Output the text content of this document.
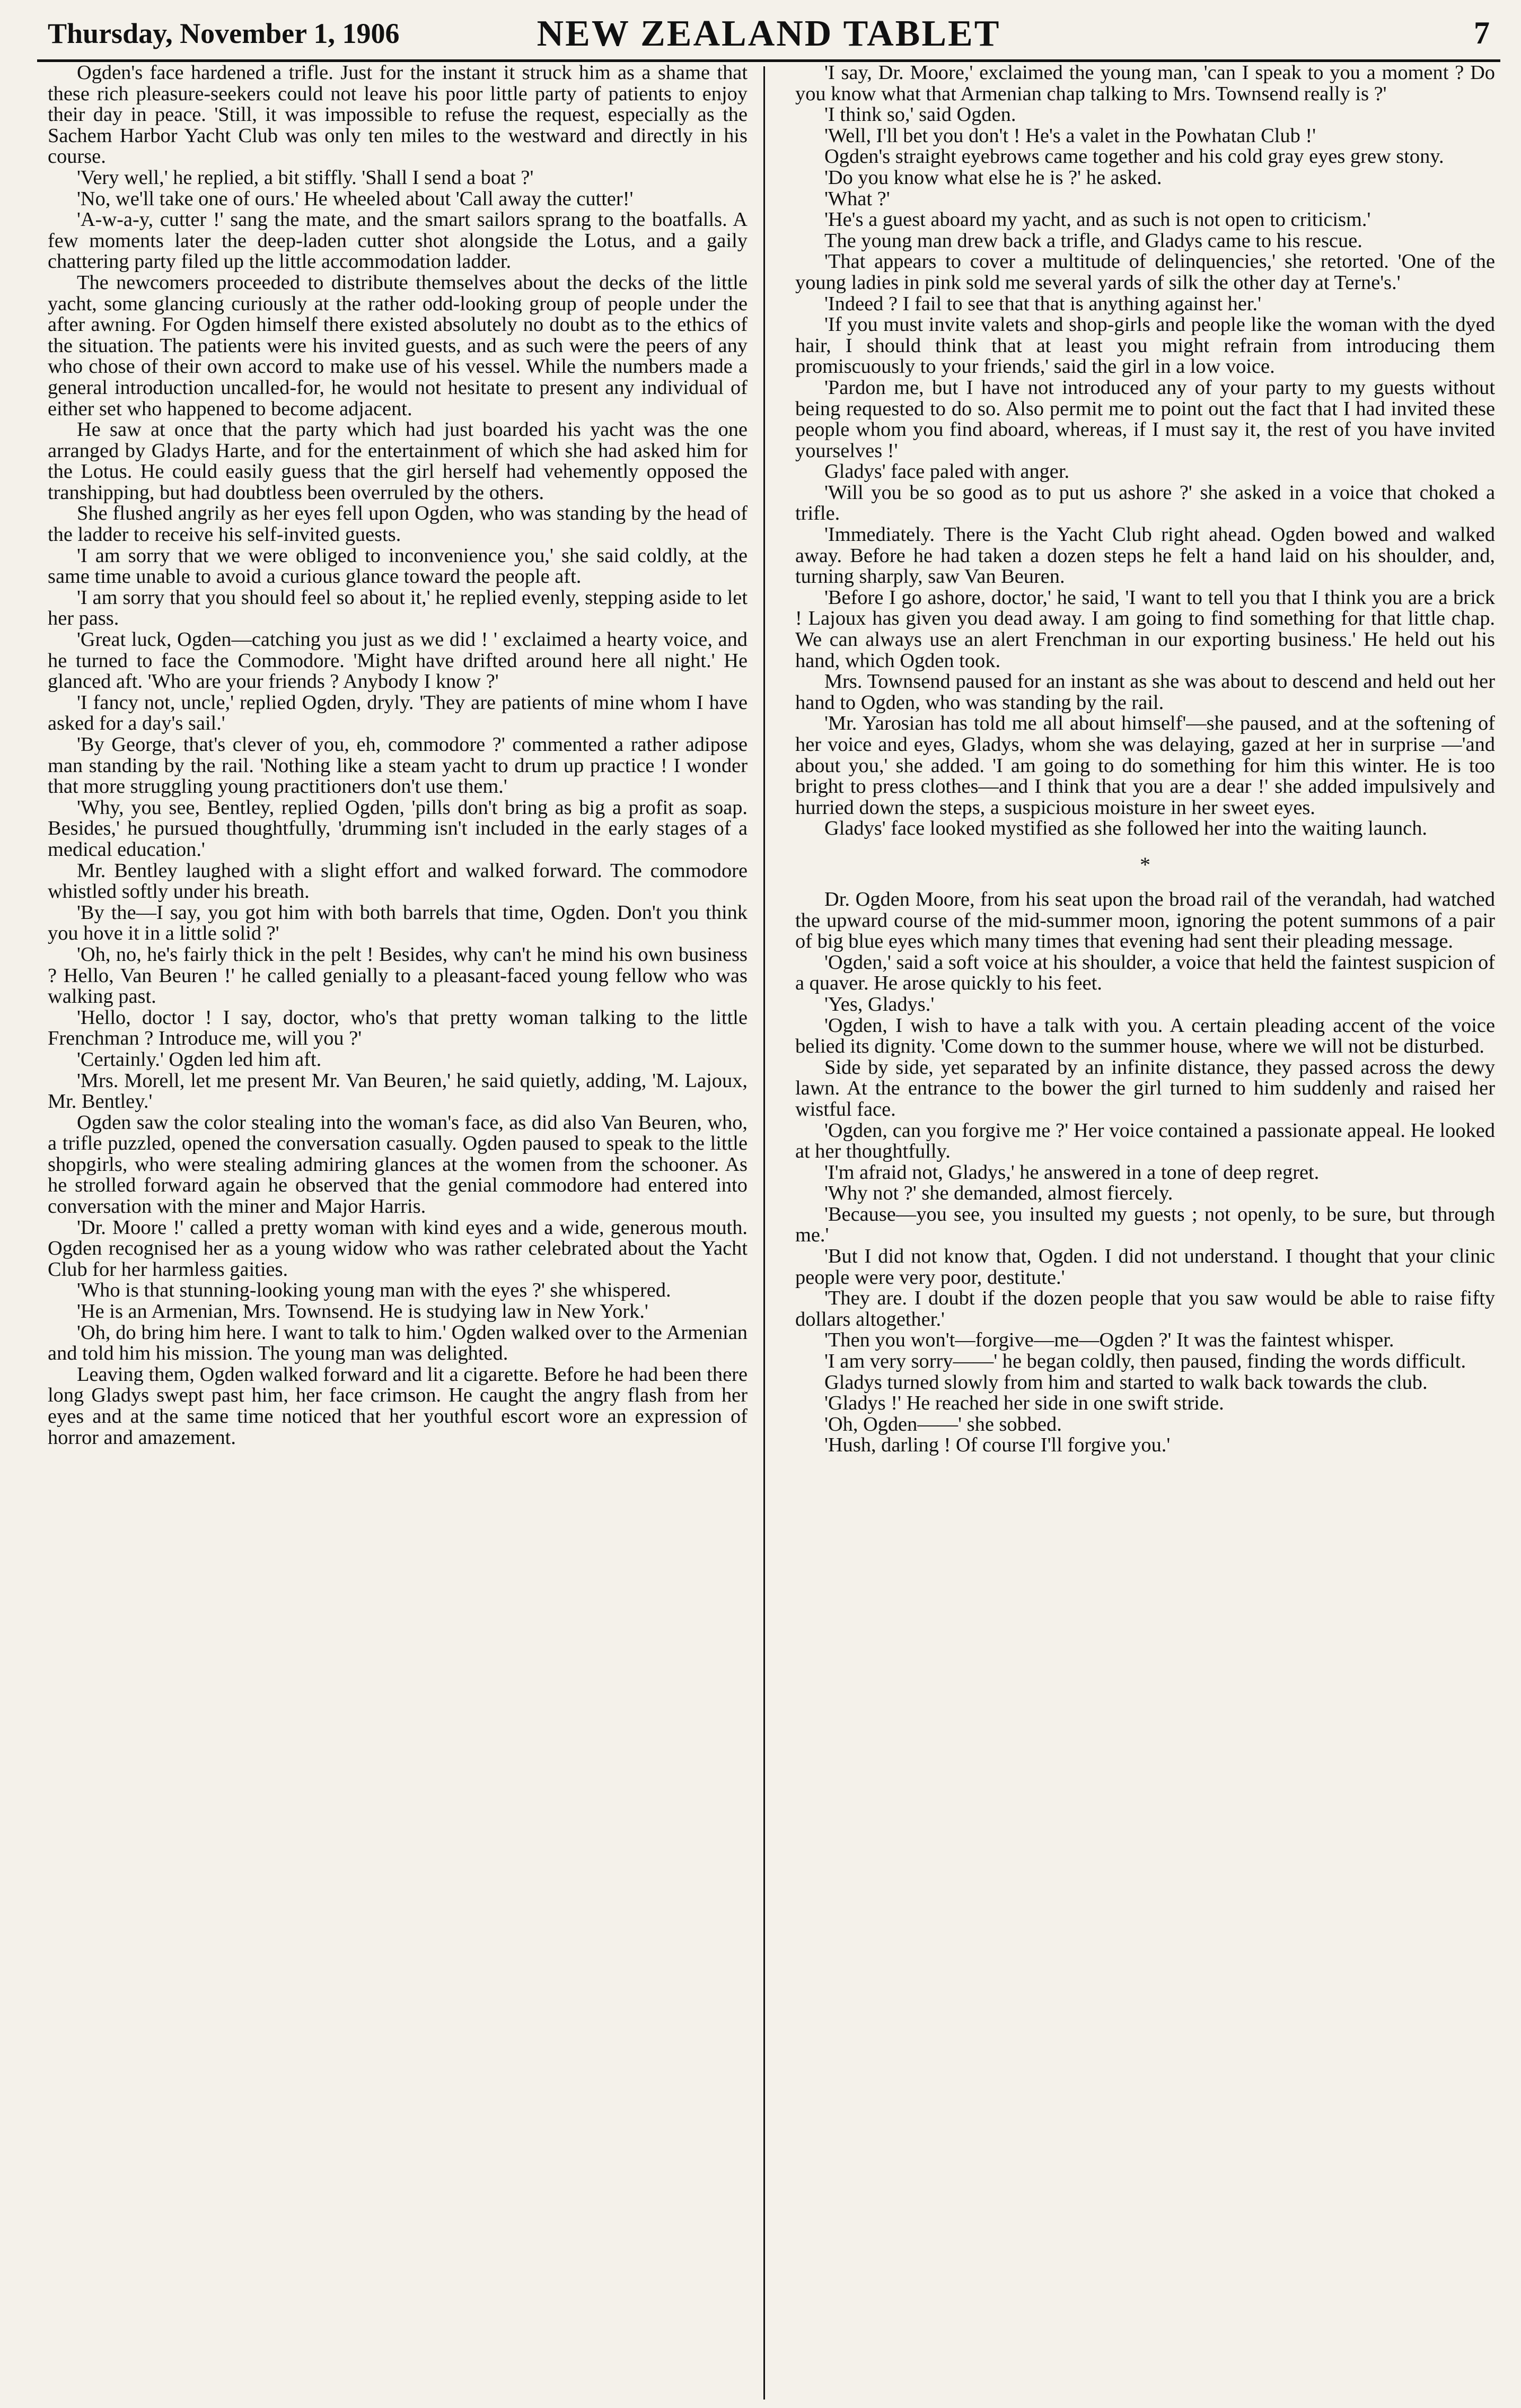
Thursday, November 1, 1906	NEW ZEALAND TABLET	7

Ogden's face hardened a trifle. Just for the instant it struck him as a shame that these rich pleasure-seekers could not leave his poor little party of patients to enjoy their day in peace. 'Still, it was impossible to refuse the request, especially as the Sachem Harbor Yacht Club was only ten miles to the westward and directly in his course.

'Very well,' he replied, a bit stiffly. 'Shall I send a boat ?'

'No, we'll take one of ours.' He wheeled about 'Call away the cutter!'

'A-w-a-y, cutter !' sang the mate, and the smart sailors sprang to the boatfalls. A few moments later the deep-laden cutter shot alongside the Lotus, and a gaily chattering party filed up the little accommodation ladder.

The newcomers proceeded to distribute themselves about the decks of the little yacht, some glancing curiously at the rather odd-looking group of people under the after awning. For Ogden himself there existed absolutely no doubt as to the ethics of the situation. The patients were his invited guests, and as such were the peers of any who chose of their own accord to make use of his vessel. While the numbers made a general introduction uncalled-for, he would not hesitate to present any individual of either set who happened to become adjacent.

He saw at once that the party which had just boarded his yacht was the one arranged by Gladys Harte, and for the entertainment of which she had asked him for the Lotus. He could easily guess that the girl herself had vehemently opposed the transhipping, but had doubtless been overruled by the others.

She flushed angrily as her eyes fell upon Ogden, who was standing by the head of the ladder to receive his self-invited guests.

'I am sorry that we were obliged to inconvenience you,' she said coldly, at the same time unable to avoid a curious glance toward the people aft.

'I am sorry that you should feel so about it,' he replied evenly, stepping aside to let her pass.

'Great luck, Ogden—catching you just as we did ! ' exclaimed a hearty voice, and he turned to face the Commodore. 'Might have drifted around here all night.' He glanced aft. 'Who are your friends ? Anybody I know ?'

'I fancy not, uncle,' replied Ogden, dryly. 'They are patients of mine whom I have asked for a day's sail.'

'By George, that's clever of you, eh, commodore ?' commented a rather adipose man standing by the rail. 'Nothing like a steam yacht to drum up practice ! I wonder that more struggling young practitioners don't use them.'

'Why, you see, Bentley, replied Ogden, 'pills don't bring as big a profit as soap. Besides,' he pursued thoughtfully, 'drumming isn't included in the early stages of a medical education.'

Mr. Bentley laughed with a slight effort and walked forward. The commodore whistled softly under his breath.

'By the—I say, you got him with both barrels that time, Ogden. Don't you think you hove it in a little solid ?'

'Oh, no, he's fairly thick in the pelt ! Besides, why can't he mind his own business ? Hello, Van Beuren !' he called genially to a pleasant-faced young fellow who was walking past.

'Hello, doctor ! I say, doctor, who's that pretty woman talking to the little Frenchman ? Introduce me, will you ?'

'Certainly.' Ogden led him aft.

'Mrs. Morell, let me present Mr. Van Beuren,' he said quietly, adding, 'M. Lajoux, Mr. Bentley.'

Ogden saw the color stealing into the woman's face, as did also Van Beuren, who, a trifle puzzled, opened the conversation casually. Ogden paused to speak to the little shopgirls, who were stealing admiring glances at the women from the schooner. As he strolled forward again he observed that the genial commodore had entered into conversation with the miner and Major Harris.

'Dr. Moore !' called a pretty woman with kind eyes and a wide, generous mouth. Ogden recognised her as a young widow who was rather celebrated about the Yacht Club for her harmless gaities.

'Who is that stunning-looking young man with the eyes ?' she whispered.

'He is an Armenian, Mrs. Townsend. He is studying law in New York.'

'Oh, do bring him here. I want to talk to him.' Ogden walked over to the Armenian and told him his mission. The young man was delighted.

Leaving them, Ogden walked forward and lit a cigarette. Before he had been there long Gladys swept past him, her face crimson. He caught the angry flash from her eyes and at the same time noticed that her youthful escort wore an expression of horror and amazement.

'I say, Dr. Moore,' exclaimed the young man, 'can I speak to you a moment ? Do you know what that Armenian chap talking to Mrs. Townsend really is ?'

'I think so,' said Ogden.

'Well, I'll bet you don't ! He's a valet in the Powhatan Club !'

Ogden's straight eyebrows came together and his cold gray eyes grew stony.

'Do you know what else he is ?' he asked.

'What ?'

'He's a guest aboard my yacht, and as such is not open to criticism.'

The young man drew back a trifle, and Gladys came to his rescue.

'That appears to cover a multitude of delinquencies,' she retorted. 'One of the young ladies in pink sold me several yards of silk the other day at Terne's.'

'Indeed ? I fail to see that that is anything against her.'

'If you must invite valets and shop-girls and people like the woman with the dyed hair, I should think that at least you might refrain from introducing them promiscuously to your friends,' said the girl in a low voice.

'Pardon me, but I have not introduced any of your party to my guests without being requested to do so. Also permit me to point out the fact that I had invited these people whom you find aboard, whereas, if I must say it, the rest of you have invited yourselves !'

Gladys' face paled with anger.

'Will you be so good as to put us ashore ?' she asked in a voice that choked a trifle.

'Immediately. There is the Yacht Club right ahead. Ogden bowed and walked away. Before he had taken a dozen steps he felt a hand laid on his shoulder, and, turning sharply, saw Van Beuren.

'Before I go ashore, doctor,' he said, 'I want to tell you that I think you are a brick ! Lajoux has given you dead away. I am going to find something for that little chap. We can always use an alert Frenchman in our exporting business.' He held out his hand, which Ogden took.

Mrs. Townsend paused for an instant as she was about to descend and held out her hand to Ogden, who was standing by the rail.

'Mr. Yarosian has told me all about himself'—she paused, and at the softening of her voice and eyes, Gladys, whom she was delaying, gazed at her in surprise —'and about you,' she added. 'I am going to do something for him this winter. He is too bright to press clothes—and I think that you are a dear !' she added impulsively and hurried down the steps, a suspicious moisture in her sweet eyes.

Gladys' face looked mystified as she followed her into the waiting launch.

*

Dr. Ogden Moore, from his seat upon the broad rail of the verandah, had watched the upward course of the mid-summer moon, ignoring the potent summons of a pair of big blue eyes which many times that evening had sent their pleading message.

'Ogden,' said a soft voice at his shoulder, a voice that held the faintest suspicion of a quaver. He arose quickly to his feet.

'Yes, Gladys.'

'Ogden, I wish to have a talk with you. A certain pleading accent of the voice belied its dignity. 'Come down to the summer house, where we will not be disturbed.

Side by side, yet separated by an infinite distance, they passed across the dewy lawn. At the entrance to the bower the girl turned to him suddenly and raised her wistful face.

'Ogden, can you forgive me ?' Her voice contained a passionate appeal. He looked at her thoughtfully.

'I'm afraid not, Gladys,' he answered in a tone of deep regret.

'Why not ?' she demanded, almost fiercely.

'Because—you see, you insulted my guests ; not openly, to be sure, but through me.'

'But I did not know that, Ogden. I did not understand. I thought that your clinic people were very poor, destitute.'

'They are. I doubt if the dozen people that you saw would be able to raise fifty dollars altogether.'

'Then you won't—forgive—me—Ogden ?' It was the faintest whisper.

'I am very sorry——' he began coldly, then paused, finding the words difficult.

Gladys turned slowly from him and started to walk back towards the club.

'Gladys !' He reached her side in one swift stride.

'Oh, Ogden——' she sobbed.

'Hush, darling ! Of course I'll forgive you.'
